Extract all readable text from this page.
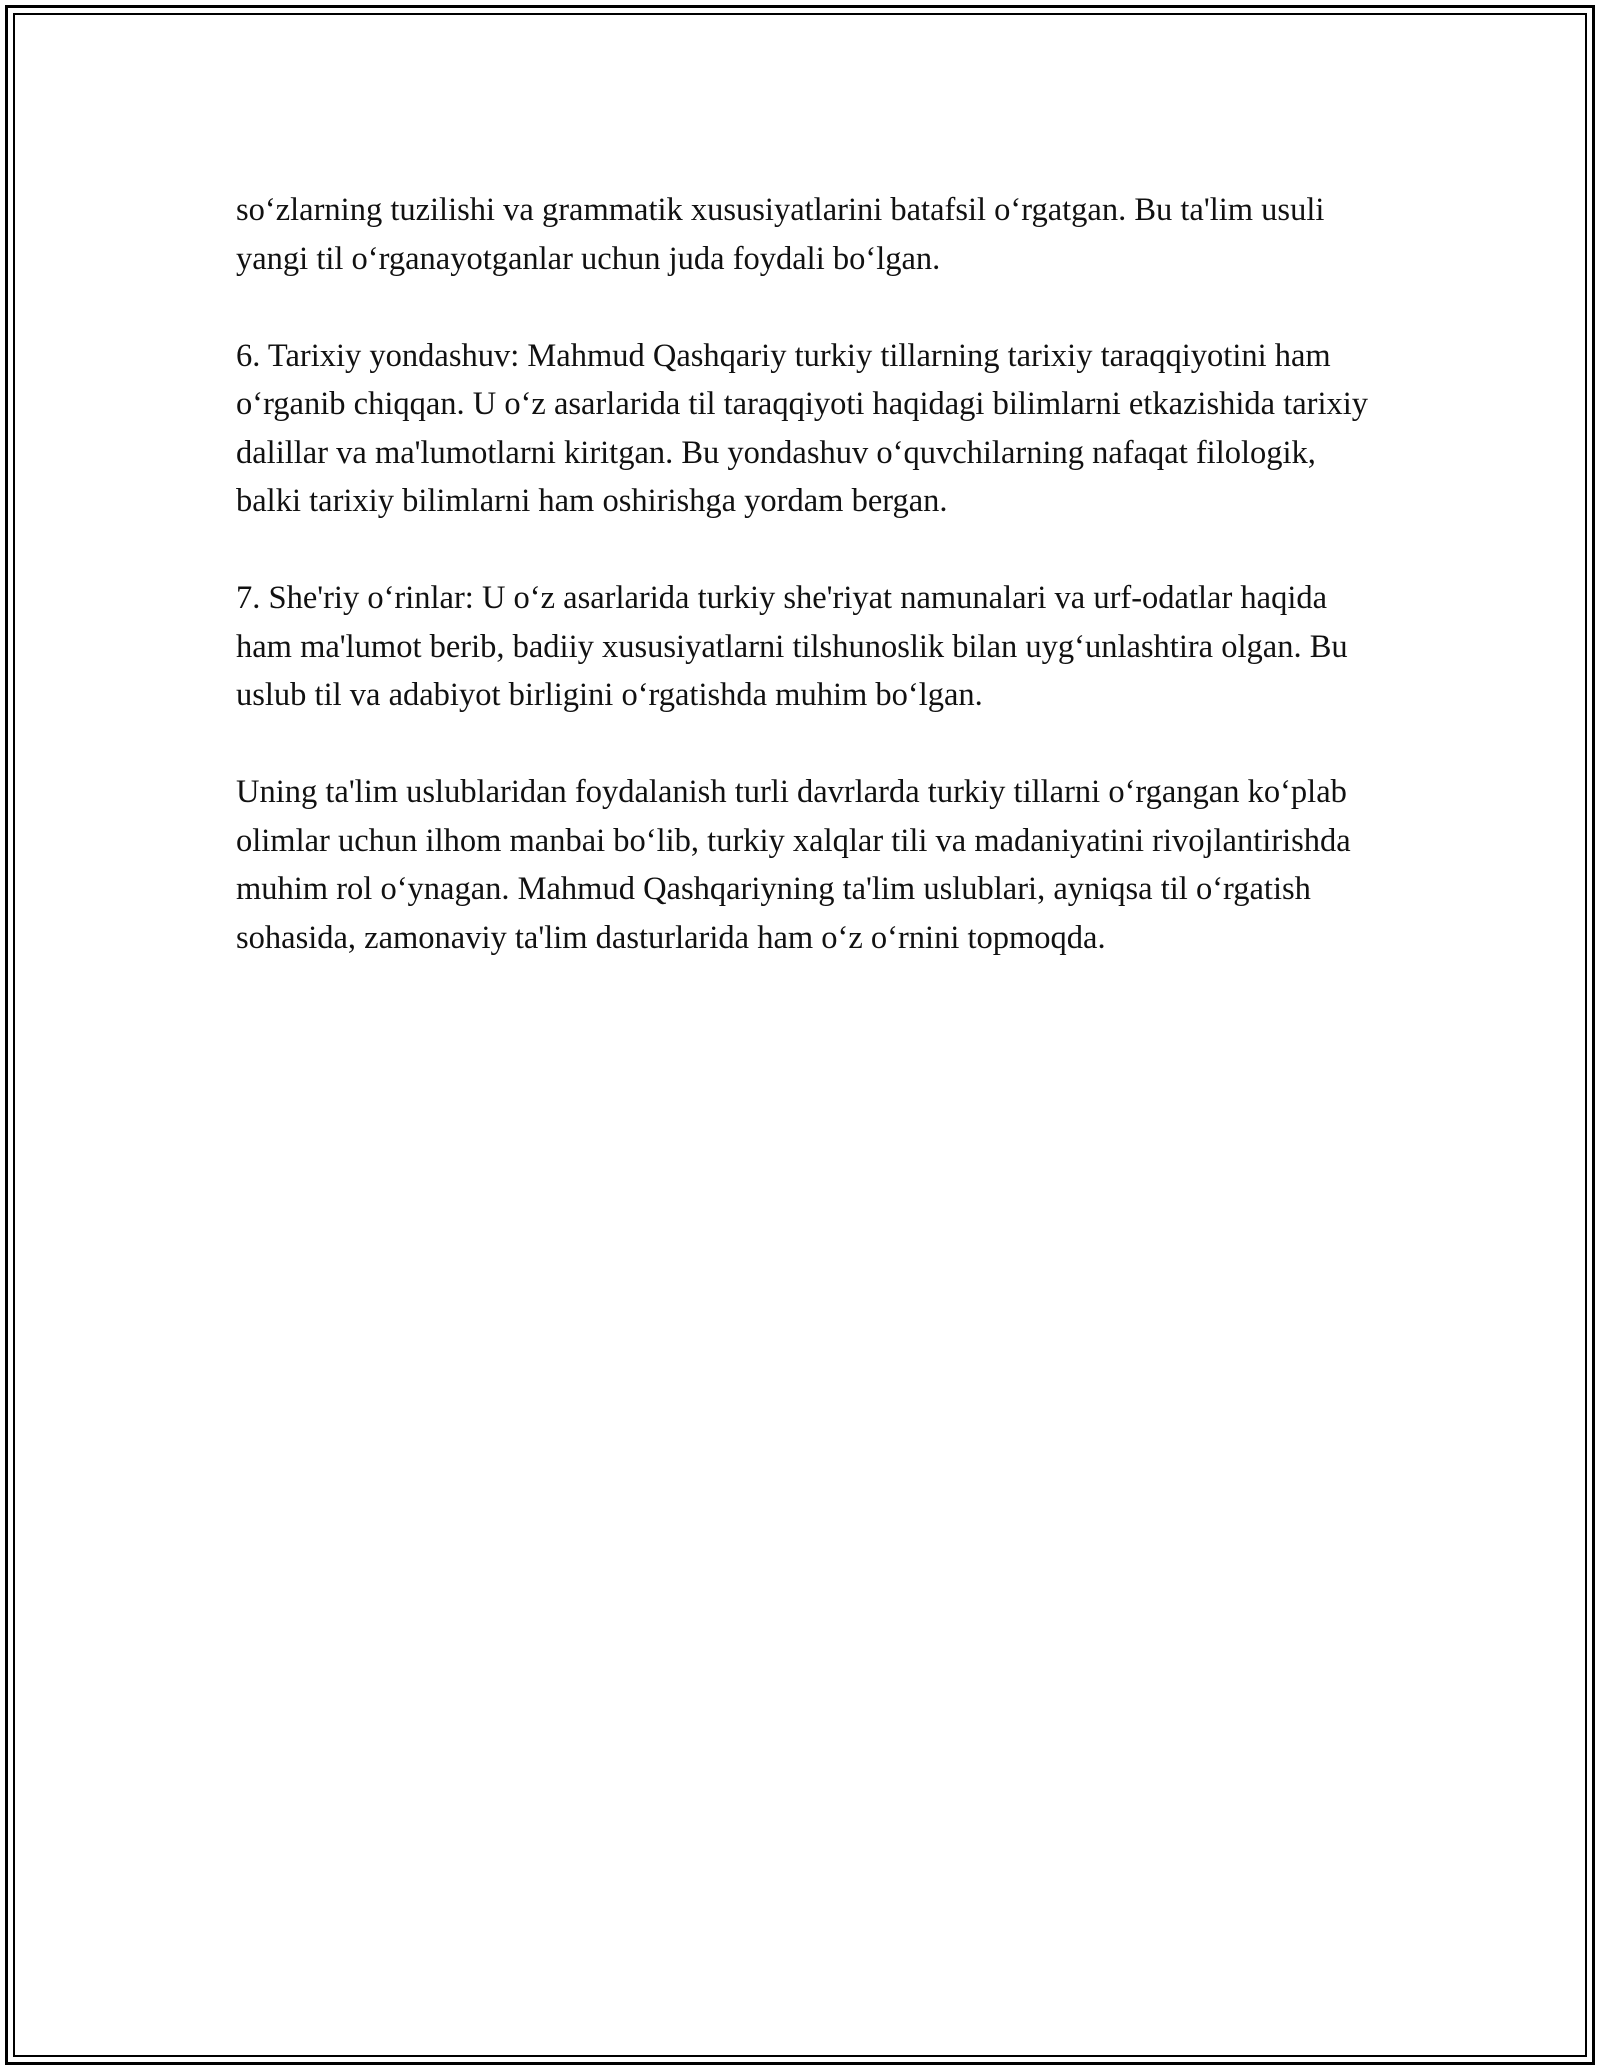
so‘zlarning tuzilishi va grammatik xususiyatlarini batafsil o‘rgatgan. Bu ta'lim usuli yangi til o‘rganayotganlar uchun juda foydali bo‘lgan.

6. Tarixiy yondashuv: Mahmud Qashqariy turkiy tillarning tarixiy taraqqiyotini ham o‘rganib chiqqan. U o‘z asarlarida til taraqqiyoti haqidagi bilimlarni etkazishida tarixiy dalillar va ma'lumotlarni kiritgan. Bu yondashuv o‘quvchilarning nafaqat filologik, balki tarixiy bilimlarni ham oshirishga yordam bergan.

7. She'riy o‘rinlar: U o‘z asarlarida turkiy she'riyat namunalari va urf-odatlar haqida ham ma'lumot berib, badiiy xususiyatlarni tilshunoslik bilan uyg‘unlashtira olgan. Bu uslub til va adabiyot birligini o‘rgatishda muhim bo‘lgan.

Uning ta'lim uslublaridan foydalanish turli davrlarda turkiy tillarni o‘rgangan ko‘plab olimlar uchun ilhom manbai bo‘lib, turkiy xalqlar tili va madaniyatini rivojlantirishda muhim rol o‘ynagan. Mahmud Qashqariyning ta'lim uslublari, ayniqsa til o‘rgatish sohasida, zamonaviy ta'lim dasturlarida ham o‘z o‘rnini topmoqda.
